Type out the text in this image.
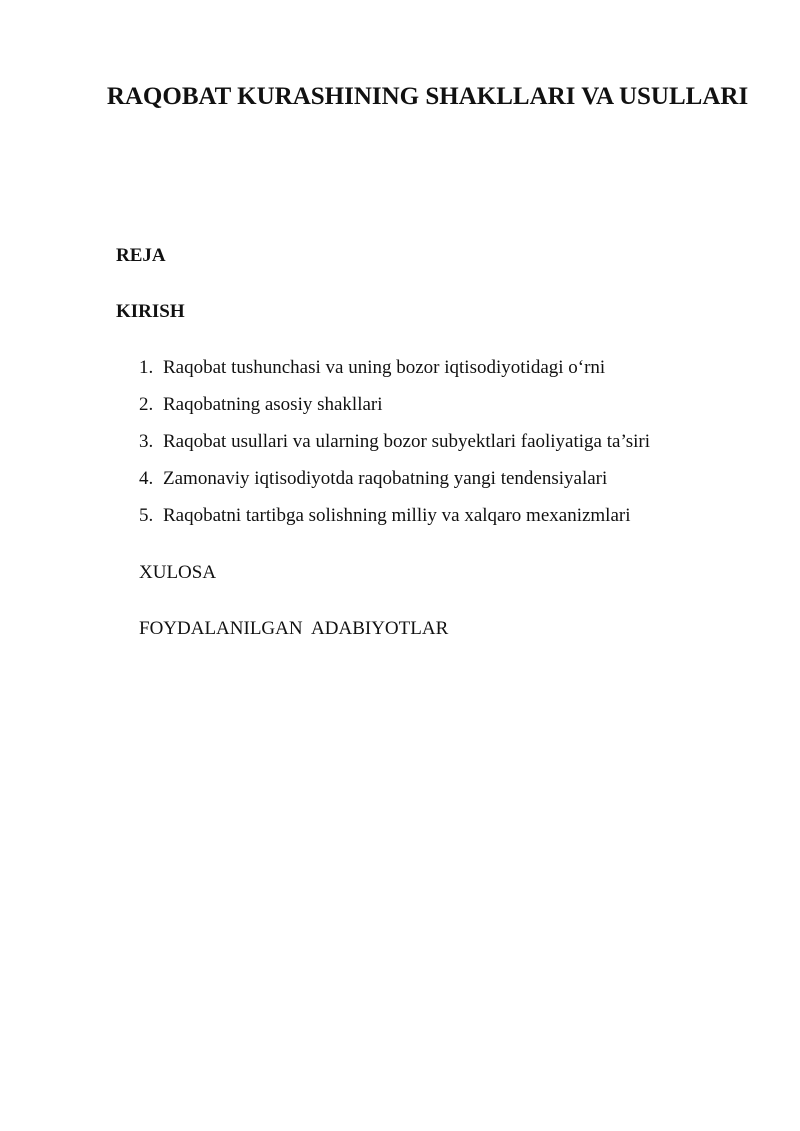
RAQOBAT KURASHINING SHAKLLARI VA USULLARI

REJA

KIRISH

1. Raqobat tushunchasi va uning bozor iqtisodiyotidagi o‘rni
2. Raqobatning asosiy shakllari
3. Raqobat usullari va ularning bozor subyektlari faoliyatiga ta’siri
4. Zamonaviy iqtisodiyotda raqobatning yangi tendensiyalari
5. Raqobatni tartibga solishning milliy va xalqaro mexanizmlari

XULOSA

FOYDALANILGAN  ADABIYOTLAR
